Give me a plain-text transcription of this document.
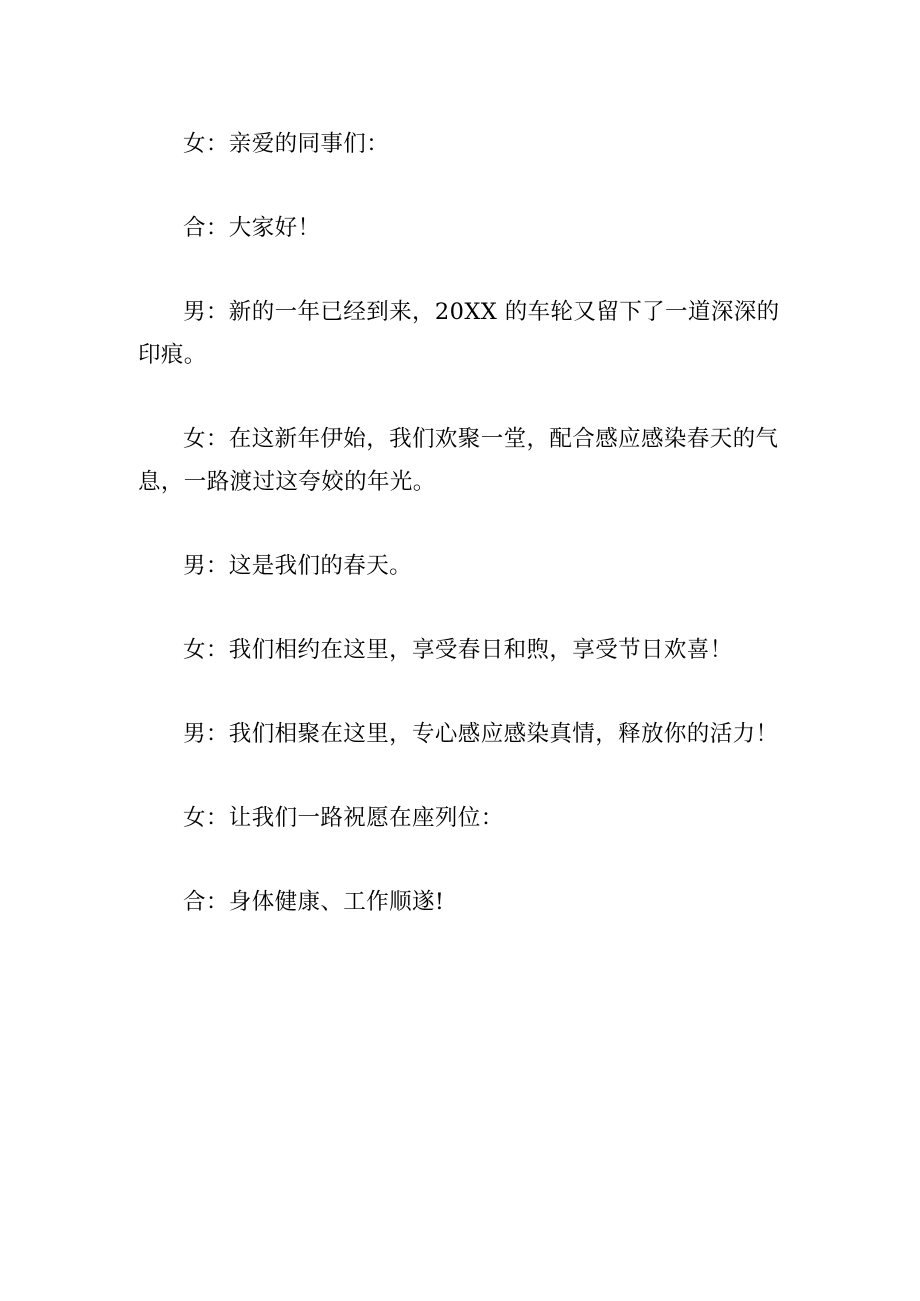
女：亲爱的同事们：

合：大家好！

男：新的一年已经到来，20XX 的车轮又留下了一道深深的印痕。

女：在这新年伊始，我们欢聚一堂，配合感应感染春天的气息，一路渡过这夸姣的年光。

男：这是我们的春天。

女：我们相约在这里，享受春日和煦，享受节日欢喜！

男：我们相聚在这里，专心感应感染真情，释放你的活力！

女：让我们一路祝愿在座列位：

合：身体健康、工作顺遂!
